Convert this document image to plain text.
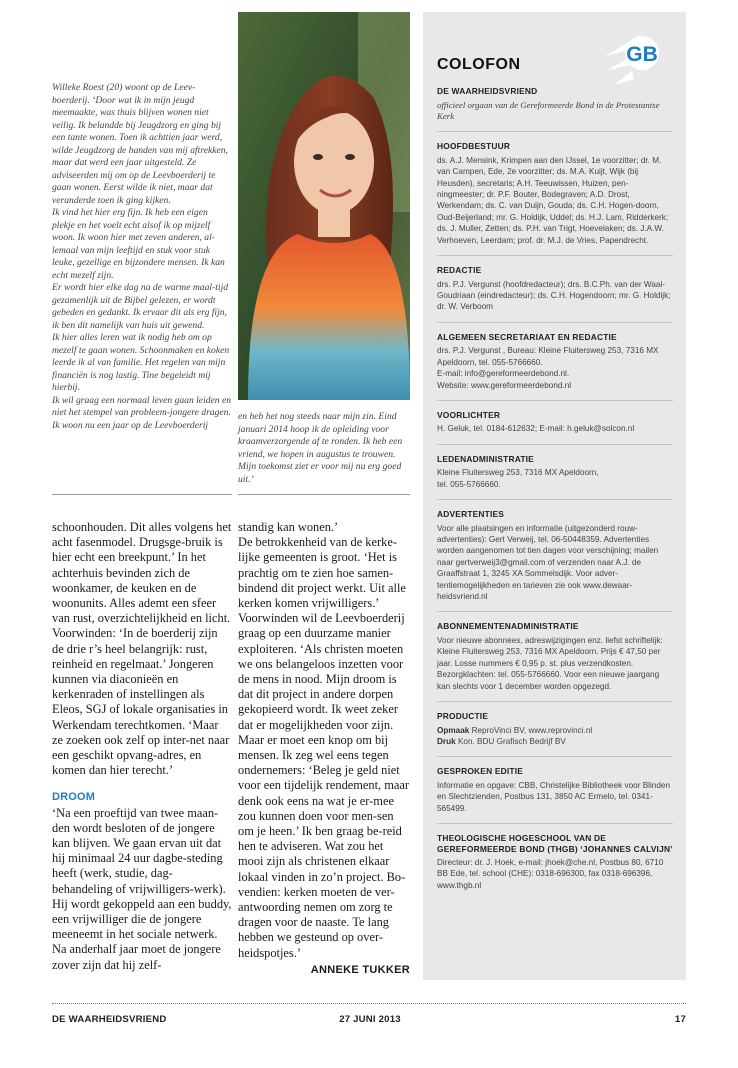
Willeke Roest (20) woont op de Leev-boerderij. ‘Door wat ik in mijn jeugd meemaakte, was thuis blijven wonen niet veilig. Ik belandde bij Jeugdzorg en ging bij een tante wonen. Toen ik achttien jaar werd, wilde Jeugdzorg de handen van mij aftrekken, maar dat werd een jaar uitgesteld. Ze adviseerden mij om op de Leevboerderij te gaan wonen. Eerst wilde ik niet, maar dat veranderde toen ik ging kijken.

Ik vind het hier erg fijn. Ik heb een eigen plekje en het voelt echt alsof ik op mijzelf woon. Ik woon hier met zeven anderen, al-lemaal van mijn leeftijd en stuk voor stuk leuke, gezellige en bijzondere mensen. Ik kan echt mezelf zijn.

Er wordt hier elke dag na de warme maal-tijd gezamenlijk uit de Bijbel gelezen, er wordt gebeden en gedankt. Ik ervaar dit als erg fijn, ik ben dit namelijk van huis uit gewend.

Ik hier alles leren wat ik nodig heb om op mezelf te gaan wonen. Schoonmaken en koken leerde ik al van familie. Het regelen van mijn financiën is nog lastig. Tine begeleidt mij hierbij.

Ik wil graag een normaal leven gaan leiden en niet het stempel van probleem-jongere dragen.

Ik woon nu een jaar op de Leevboerderij

en heb het nog steeds naar mijn zin. Eind januari 2014 hoop ik de opleiding voor kraamverzorgende af te ronden. Ik heb een vriend, we hopen in augustus te trouwen. Mijn toekomst ziet er voor mij nu erg goed uit.’

schoonhouden. Dit alles volgens het acht fasenmodel. Drugsge-bruik is hier echt een breekpunt.’ In het achterhuis bevinden zich de woonkamer, de keuken en de woonunits. Alles ademt een sfeer van rust, overzichtelijkheid en licht. Voorwinden: ‘In de boerderij zijn de drie r’s heel belangrijk: rust, reinheid en regelmaat.’ Jongeren kunnen via diaconieën en kerkenraden of instellingen als Eleos, SGJ of lokale organisaties in Werkendam terechtkomen. ‘Maar ze zoeken ook zelf op inter-net naar een geschikt opvang-adres, en komen dan hier terecht.’

DROOM

‘Na een proeftijd van twee maan-den wordt besloten of de jongere kan blijven. We gaan ervan uit dat hij minimaal 24 uur dagbe-steding heeft (werk, studie, dag-behandeling of vrijwilligers-werk). Hij wordt gekoppeld aan een buddy, een vrijwilliger die de jongere meeneemt in het sociale netwerk. Na anderhalf jaar moet de jongere zover zijn dat hij zelf-

standig kan wonen.’

De betrokkenheid van de kerke-lijke gemeenten is groot. ‘Het is prachtig om te zien hoe samen-bindend dit project werkt. Uit alle kerken komen vrijwilligers.’ Voorwinden wil de Leevboerderij graag op een duurzame manier exploiteren. ‘Als christen moeten we ons belangeloos inzetten voor de mens in nood. Mijn droom is dat dit project in andere dorpen gekopieerd wordt. Ik weet zeker dat er mogelijkheden voor zijn. Maar er moet een knop om bij mensen. Ik zeg wel eens tegen ondernemers: ‘Beleg je geld niet voor een tijdelijk rendement, maar denk ook eens na wat je er-mee zou kunnen doen voor men-sen om je heen.’ Ik ben graag be-reid hen te adviseren. Wat zou het mooi zijn als christenen elkaar lokaal vinden in zo’n project. Bo-vendien: kerken moeten de ver-antwoording nemen om zorg te dragen voor de naaste. Te lang hebben we gesteund op over-heidspotjes.’

ANNEKE TUKKER
COLOFON
DE WAARHEIDSVRIEND
officieel orgaan van de Gereformeerde Bond in de Protestantse Kerk
HOOFDBESTUUR
ds. A.J. Mensink, Krimpen aan den IJssel, 1e voorzitter; dr. M. van Campen, Ede, 2e voorzitter; ds. M.A. Kuijt, Wijk (bij Heusden), secretaris; A.H. Teeuwissen, Huizen, pen-ningmeester; dr. P.F. Bouter, Bodegraven; A.D. Drost, Werkendam; ds. C. van Duijn, Gouda; ds. C.H. Hogen-doorn, Oud-Beijerland; mr. G. Holdijk, Uddel; ds. H.J. Lam, Ridderkerk; ds. J. Muller, Zetten; ds. P.H. van Trigt, Hoevelaken; ds. J.A.W. Verhoeven, Leerdam; prof. dr. M.J. de Vries, Papendrecht.
REDACTIE
drs. P.J. Vergunst (hoofdredacteur); drs. B.C.Ph. van der Waal-Goudriaan (eindredacteur); ds. C.H. Hogendoorn; mr. G. Holdijk; dr. W. Verboom
ALGEMEEN SECRETARIAAT EN REDACTIE
drs. P.J. Vergunst , Bureau: Kleine Fluitersweg 253, 7316 MX Apeldoorn, tel. 055-5766660.
E-mail: info@gereformeerdebond.nl.
Website: www.gereformeerdebond.nl
VOORLICHTER
H. Geluk, tel. 0184-612632; E-mail: h.geluk@solcon.nl
LEDENADMINISTRATIE
Kleine Fluitersweg 253, 7316 MX Apeldoorn,
tel. 055-5766660.
ADVERTENTIES
Voor alle plaatsingen en informatie (uitgezonderd rouw-advertenties): Gert Verweij, tel. 06-50448359. Advertenties worden aangenomen tot tien dagen voor verschijning; mailen naar gertverweij3@gmail.com of verzenden naar A.J. de Graaffstraat 1, 3245 XA Sommelsdijk. Voor adver-tentiemogelijkheden en tarieven zie ook www.dewaar-heidsvriend.nl
ABONNEMENTENADMINISTRATIE
Voor nieuwe abonnees, adreswijzigingen enz. liefst schriftelijk: Kleine Fluitersweg 253, 7316 MX Apeldoorn. Prijs € 47,50 per jaar. Losse nummers € 0,95 p. st. plus verzendkosten. Bezorgklachten: tel. 055-5766660. Voor een nieuwe jaargang kan slechts voor 1 december worden opgezegd.
PRODUCTIE
Opmaak ReproVinci BV, www.reprovinci.nl
Druk Kon. BDU Grafisch Bedrijf BV
GESPROKEN EDITIE
Informatie en opgave: CBB, Christelijke Bibliotheek voor Blinden en Slechtzienden, Postbus 131, 3850 AC Ermelo, tel. 0341-565499.
THEOLOGISCHE HOGESCHOOL VAN DE GEREFORMEERDE BOND (THGB) ‘JOHANNES CALVIJN’
Directeur: dr. J. Hoek, e-mail: jhoek@che.nl, Postbus 80, 6710 BB Ede, tel. school (CHE): 0318-696300, fax 0318-696396, www.thgb.nl
GB
DE WAARHEIDSVRIEND	27 JUNI 2013	17
